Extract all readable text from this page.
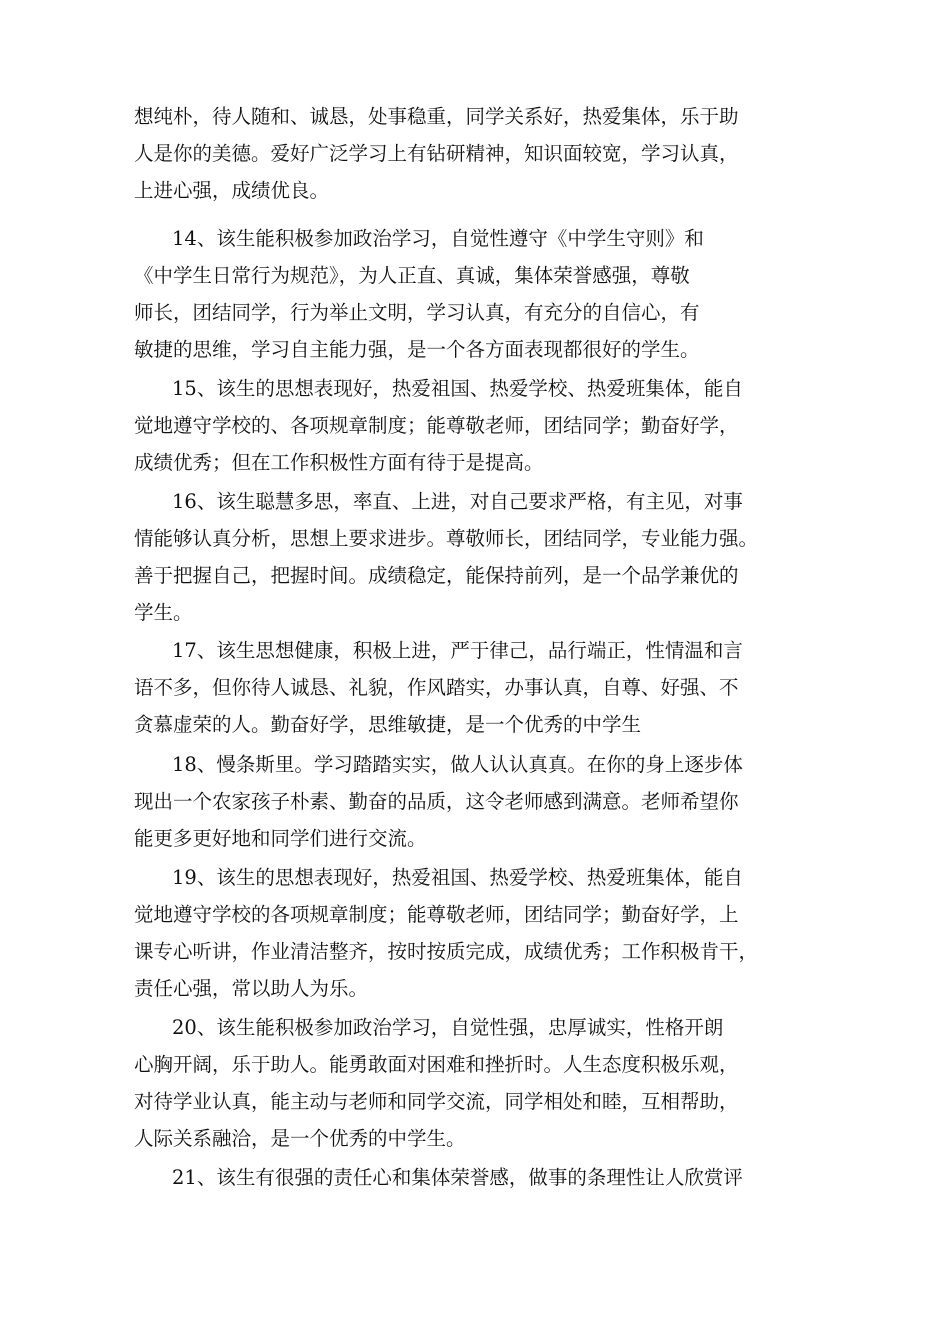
想纯朴，待人随和、诚恳，处事稳重，同学关系好，热爱集体，乐于助
人是你的美德。爱好广泛学习上有钻研精神，知识面较宽，学习认真，
上进心强，成绩优良。

14、该生能积极参加政治学习，自觉性遵守《中学生守则》和
《中学生日常行为规范》，为人正直、真诚，集体荣誉感强，尊敬
师长，团结同学，行为举止文明，学习认真，有充分的自信心，有
敏捷的思维，学习自主能力强，是一个各方面表现都很好的学生。

15、该生的思想表现好，热爱祖国、热爱学校、热爱班集体，能自
觉地遵守学校的、各项规章制度；能尊敬老师，团结同学；勤奋好学，
成绩优秀；但在工作积极性方面有待于是提高。

16、该生聪慧多思，率直、上进，对自己要求严格，有主见，对事
情能够认真分析，思想上要求进步。尊敬师长，团结同学，专业能力强。
善于把握自己，把握时间。成绩稳定，能保持前列，是一个品学兼优的
学生。

17、该生思想健康，积极上进，严于律己，品行端正，性情温和言
语不多，但你待人诚恳、礼貌，作风踏实，办事认真，自尊、好强、不
贪慕虚荣的人。勤奋好学，思维敏捷，是一个优秀的中学生

18、慢条斯里。学习踏踏实实，做人认认真真。在你的身上逐步体
现出一个农家孩子朴素、勤奋的品质，这令老师感到满意。老师希望你
能更多更好地和同学们进行交流。

19、该生的思想表现好，热爱祖国、热爱学校、热爱班集体，能自
觉地遵守学校的各项规章制度；能尊敬老师，团结同学；勤奋好学，上
课专心听讲，作业清洁整齐，按时按质完成，成绩优秀；工作积极肯干，
责任心强，常以助人为乐。

20、该生能积极参加政治学习，自觉性强，忠厚诚实，性格开朗
心胸开阔，乐于助人。能勇敢面对困难和挫折时。人生态度积极乐观，
对待学业认真，能主动与老师和同学交流，同学相处和睦，互相帮助，
人际关系融洽，是一个优秀的中学生。

21、该生有很强的责任心和集体荣誉感，做事的条理性让人欣赏评
